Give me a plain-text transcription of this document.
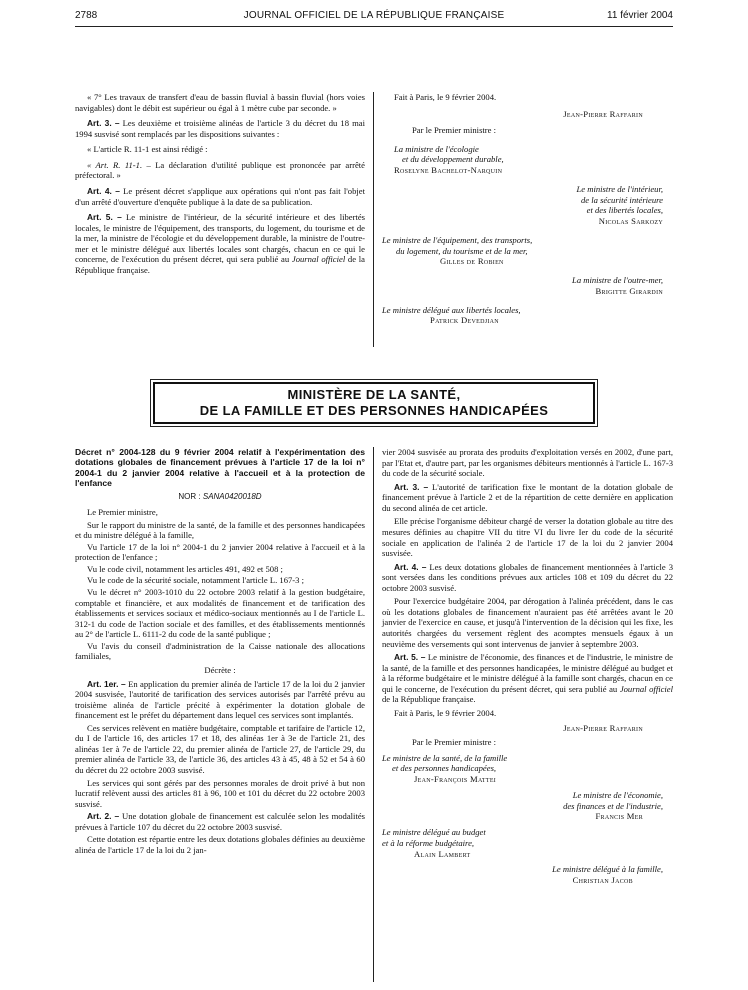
2788	JOURNAL OFFICIEL DE LA RÉPUBLIQUE FRANÇAISE	11 février 2004

« 7° Les travaux de transfert d'eau de bassin fluvial à bassin fluvial (hors voies navigables) dont le débit est supérieur ou égal à 1 mètre cube par seconde. »

Art. 3. – Les deuxième et troisième alinéas de l'article 3 du décret du 18 mai 1994 susvisé sont remplacés par les dispositions suivantes :

« L'article R. 11-1 est ainsi rédigé :

« Art. R. 11-1. – La déclaration d'utilité publique est prononcée par arrêté préfectoral. »

Art. 4. – Le présent décret s'applique aux opérations qui n'ont pas fait l'objet d'un arrêté d'ouverture d'enquête publique à la date de sa publication.

Art. 5. – Le ministre de l'intérieur, de la sécurité intérieure et des libertés locales, le ministre de l'équipement, des transports, du logement, du tourisme et de la mer, la ministre de l'écologie et du développement durable, la ministre de l'outre-mer et le ministre délégué aux libertés locales sont chargés, chacun en ce qui le concerne, de l'exécution du présent décret, qui sera publié au Journal officiel de la République française.

Fait à Paris, le 9 février 2004.

Jean-Pierre Raffarin

Par le Premier ministre :

La ministre de l'écologie
et du développement durable,
Roselyne Bachelot-Narquin
Le ministre de l'intérieur,
de la sécurité intérieure
et des libertés locales,
Nicolas Sarkozy
Le ministre de l'équipement, des transports,
du logement, du tourisme et de la mer,
Gilles de Robien
La ministre de l'outre-mer,
Brigitte Girardin
Le ministre délégué aux libertés locales,
Patrick Devedjian
MINISTÈRE DE LA SANTÉ,
DE LA FAMILLE ET DES PERSONNES HANDICAPÉES

Décret n° 2004-128 du 9 février 2004 relatif à l'expérimentation des dotations globales de financement prévues à l'article 17 de la loi n° 2004-1 du 2 janvier 2004 relative à l'accueil et à la protection de l'enfance

NOR : SANA0420018D

Le Premier ministre,

Sur le rapport du ministre de la santé, de la famille et des personnes handicapées et du ministre délégué à la famille,

Vu l'article 17 de la loi n° 2004-1 du 2 janvier 2004 relative à l'accueil et à la protection de l'enfance ;

Vu le code civil, notamment les articles 491, 492 et 508 ;

Vu le code de la sécurité sociale, notamment l'article L. 167-3 ;

Vu le décret n° 2003-1010 du 22 octobre 2003 relatif à la gestion budgétaire, comptable et financière, et aux modalités de financement et de tarification des établissements et services sociaux et médico-sociaux mentionnés au I de l'article L. 312-1 du code de l'action sociale et des familles, et des établissements mentionnés au 2° de l'article L. 6111-2 du code de la santé publique ;

Vu l'avis du conseil d'administration de la Caisse nationale des allocations familiales,

Décrète :

Art. 1er. – En application du premier alinéa de l'article 17 de la loi du 2 janvier 2004 susvisée, l'autorité de tarification des services autorisés par l'arrêté prévu au troisième alinéa de l'article précité à expérimenter la dotation globale de financement est le préfet du département dans lequel ces services sont implantés.

Ces services relèvent en matière budgétaire, comptable et tarifaire de l'article 12, du I de l'article 16, des articles 17 et 18, des alinéas 1er à 3e de l'article 21, des alinéas 1er à 7e de l'article 22, du premier alinéa de l'article 27, de l'article 29, du premier alinéa de l'article 33, de l'article 36, des articles 43 à 45, 48 à 52 et 54 à 60 du décret du 22 octobre 2003 susvisé.

Les services qui sont gérés par des personnes morales de droit privé à but non lucratif relèvent aussi des articles 81 à 96, 100 et 101 du décret du 22 octobre 2003 susvisé.

Art. 2. – Une dotation globale de financement est calculée selon les modalités prévues à l'article 107 du décret du 22 octobre 2003 susvisé.

Cette dotation est répartie entre les deux dotations globales définies au deuxième alinéa de l'article 17 de la loi du 2 jan-

vier 2004 susvisée au prorata des produits d'exploitation versés en 2002, d'une part, par l'Etat et, d'autre part, par les organismes débiteurs mentionnés à l'article L. 167-3 du code de la sécurité sociale.

Art. 3. – L'autorité de tarification fixe le montant de la dotation globale de financement prévue à l'article 2 et de la répartition de cette dernière en application du second alinéa de cet article.

Elle précise l'organisme débiteur chargé de verser la dotation globale au titre des mesures définies au chapitre VII du titre VI du livre Ier du code de la sécurité sociale en application de l'alinéa 2 de l'article 17 de la loi du 2 janvier 2004 susvisée.

Art. 4. – Les deux dotations globales de financement mentionnées à l'article 3 sont versées dans les conditions prévues aux articles 108 et 109 du décret du 22 octobre 2003 susvisé.

Pour l'exercice budgétaire 2004, par dérogation à l'alinéa précédent, dans le cas où les dotations globales de financement n'auraient pas été arrêtées avant le 20 janvier de l'exercice en cause, et jusqu'à l'intervention de la décision qui les fixe, les autorités chargées du versement règlent des acomptes mensuels égaux à un neuvième des versements qui sont intervenus de janvier à septembre 2003.

Art. 5. – Le ministre de l'économie, des finances et de l'industrie, le ministre de la santé, de la famille et des personnes handicapées, le ministre délégué au budget et à la réforme budgétaire et le ministre délégué à la famille sont chargés, chacun en ce qui le concerne, de l'exécution du présent décret, qui sera publié au Journal officiel de la République française.

Fait à Paris, le 9 février 2004.

Jean-Pierre Raffarin

Par le Premier ministre :

Le ministre de la santé, de la famille
et des personnes handicapées,
Jean-François Mattei
Le ministre de l'économie,
des finances et de l'industrie,
Francis Mer
Le ministre délégué au budget
et à la réforme budgétaire,
Alain Lambert
Le ministre délégué à la famille,
Christian Jacob
